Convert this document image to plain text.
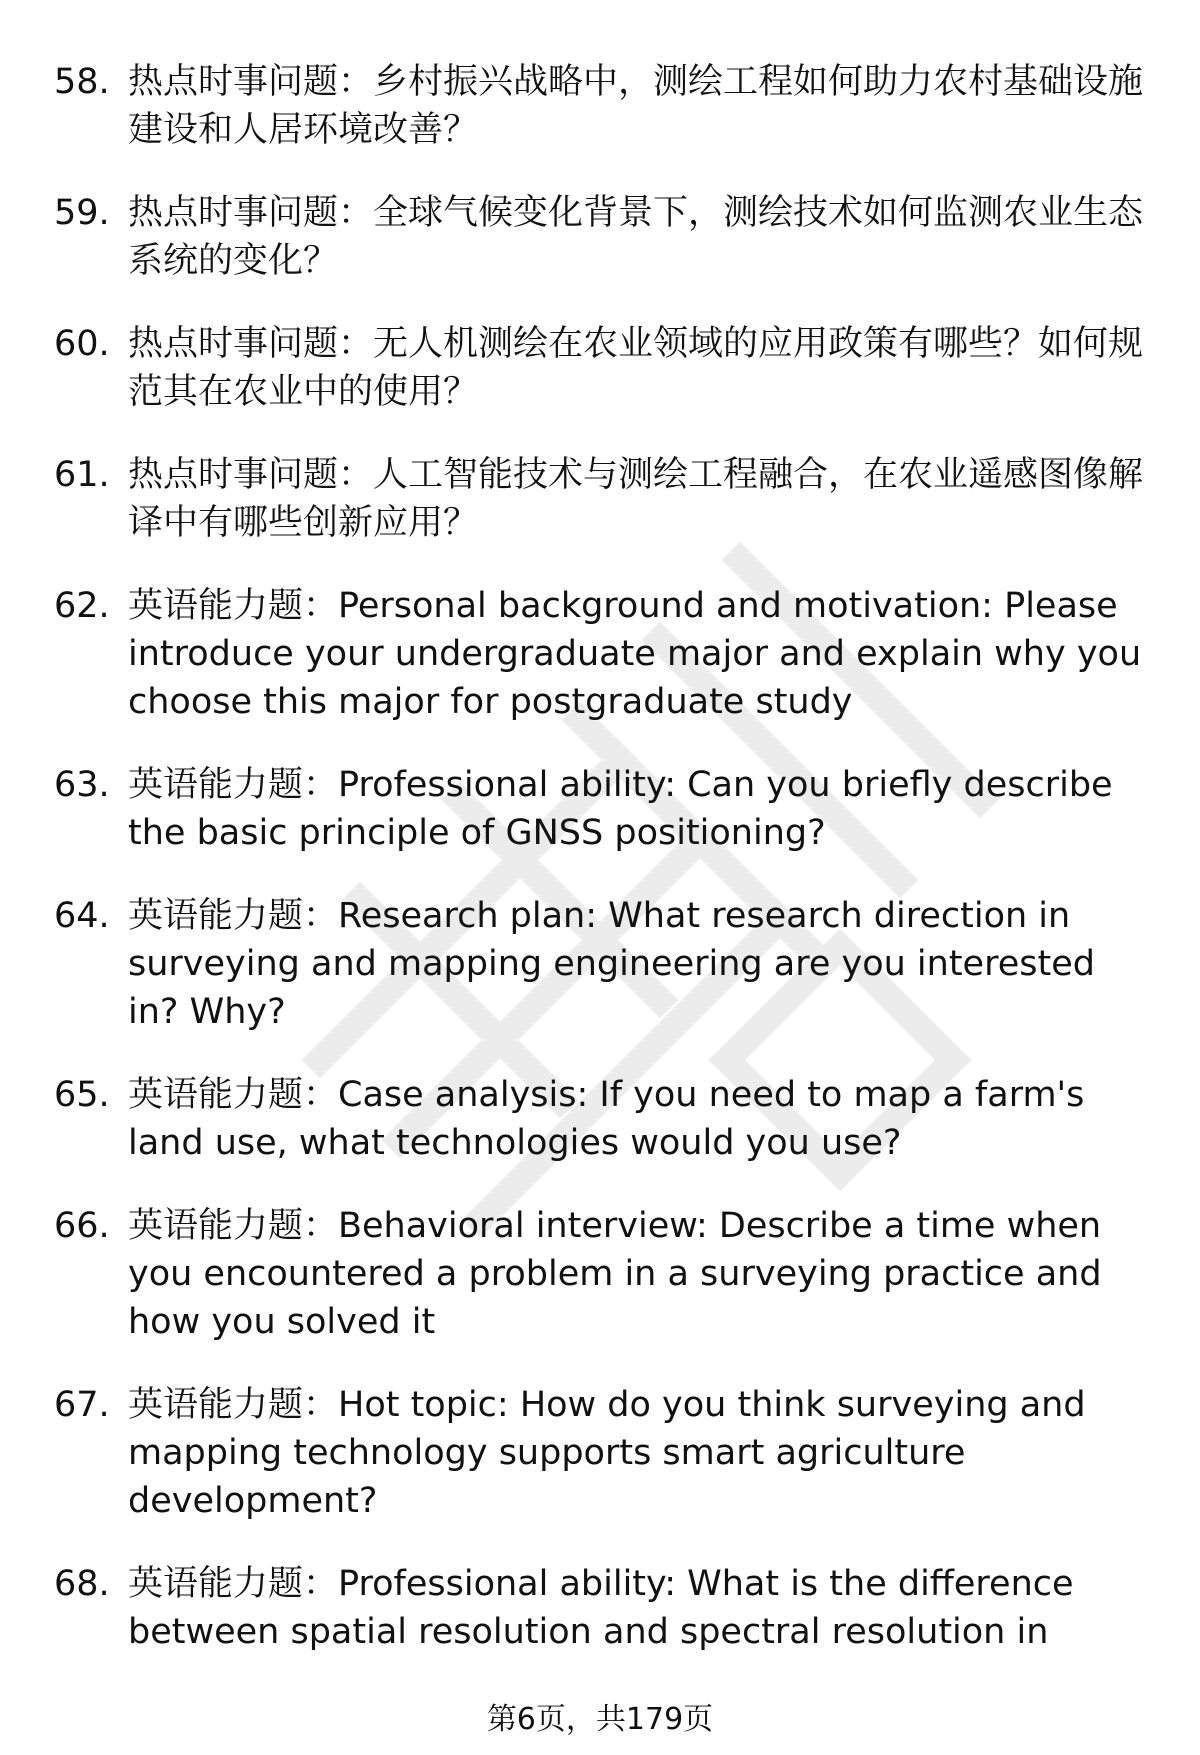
58. 热点时事问题：乡村振兴战略中，测绘工程如何助力农村基础设施建设和人居环境改善？
59. 热点时事问题：全球气候变化背景下，测绘技术如何监测农业生态系统的变化？
60. 热点时事问题：无人机测绘在农业领域的应用政策有哪些？如何规范其在农业中的使用？
61. 热点时事问题：人工智能技术与测绘工程融合，在农业遥感图像解译中有哪些创新应用？
62. 英语能力题：Personal background and motivation: Please introduce your undergraduate major and explain why you choose this major for postgraduate study
63. 英语能力题：Professional ability: Can you briefly describe the basic principle of GNSS positioning?
64. 英语能力题：Research plan: What research direction in surveying and mapping engineering are you interested in? Why?
65. 英语能力题：Case analysis: If you need to map a farm's land use, what technologies would you use?
66. 英语能力题：Behavioral interview: Describe a time when you encountered a problem in a surveying practice and how you solved it
67. 英语能力题：Hot topic: How do you think surveying and mapping technology supports smart agriculture development?
68. 英语能力题：Professional ability: What is the difference between spatial resolution and spectral resolution in
第6页，共179页
